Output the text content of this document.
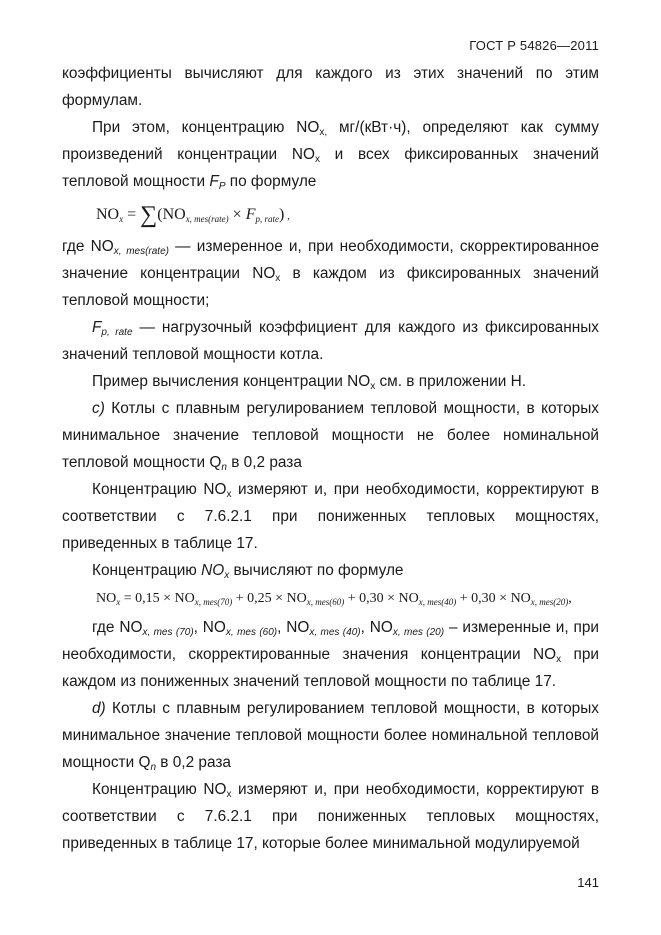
ГОСТ Р 54826—2011

коэффициенты вычисляют для каждого из этих значений по этим формулам.

При этом, концентрацию $NO_{x,}$ мг/(кВт·ч), определяют как сумму произведений концентрации $NO_x$ и всех фиксированных значений тепловой мощности $F_P$ по формуле

$NO_x = \sum(NO_{x, mes(rate)} \times F_{p, rate})$ ,

где $NO_{x, mes(rate)}$ — измеренное и, при необходимости, скорректированное значение концентрации $NO_x$ в каждом из фиксированных значений тепловой мощности;

$F_{p, rate}$ — нагрузочный коэффициент для каждого из фиксированных значений тепловой мощности котла.

Пример вычисления концентрации $NO_x$ см. в приложении Н.

c) Котлы с плавным регулированием тепловой мощности, в которых минимальное значение тепловой мощности не более номинальной тепловой мощности $Q_n$ в 0,2 раза

Концентрацию $NO_x$ измеряют и, при необходимости, корректируют в соответствии с 7.6.2.1 при пониженных тепловых мощностях, приведенных в таблице 17.

Концентрацию $NO_x$ вычисляют по формуле

$NO_x = 0,15 \times NO_{x, mes(70)} + 0,25 \times NO_{x, mes(60)} + 0,30 \times NO_{x, mes(40)} + 0,30 \times NO_{x, mes(20)}$,

где $NO_{x, mes (70)}$, $NO_{x, mes (60)}$, $NO_{x, mes (40)}$, $NO_{x, mes (20)}$ – измеренные и, при необходимости, скорректированные значения концентрации $NO_x$ при каждом из пониженных значений тепловой мощности по таблице 17.

d) Котлы с плавным регулированием тепловой мощности, в которых минимальное значение тепловой мощности более номинальной тепловой мощности $Q_n$ в 0,2 раза

Концентрацию $NO_x$ измеряют и, при необходимости, корректируют в соответствии с 7.6.2.1 при пониженных тепловых мощностях, приведенных в таблице 17, которые более минимальной модулируемой

141
